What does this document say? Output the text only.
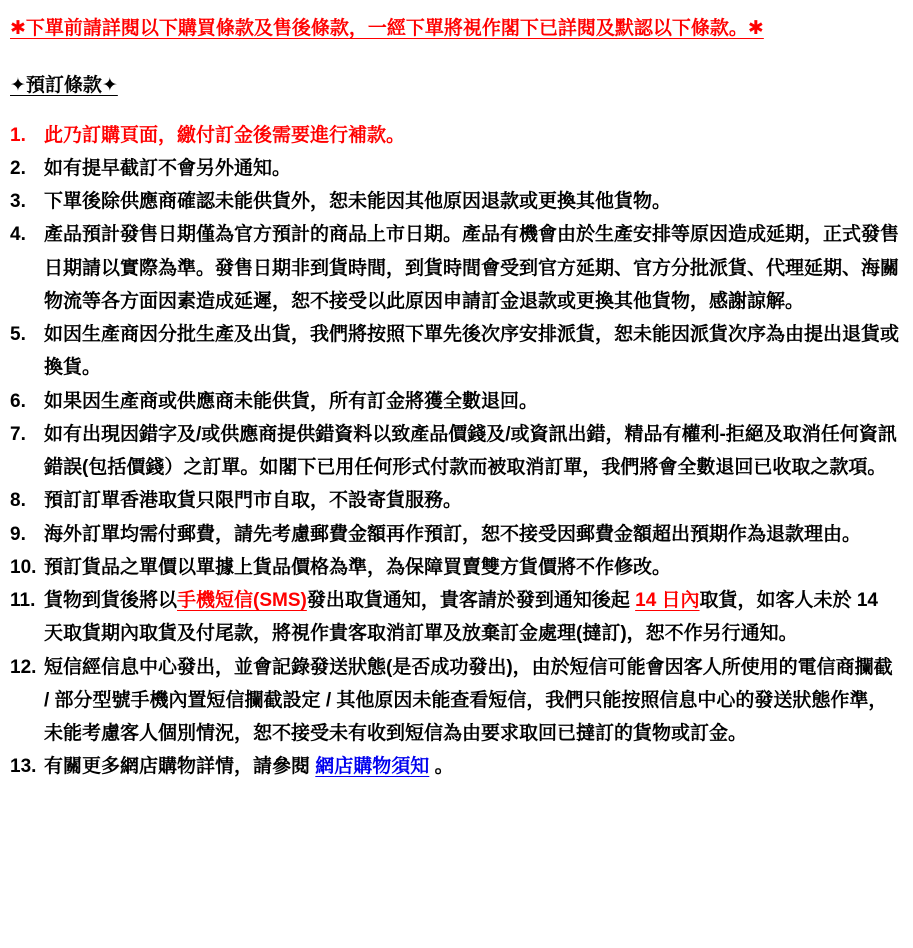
✱下單前請詳閱以下購買條款及售後條款，一經下單將視作閣下已詳閱及默認以下條款。✱
✦預訂條款✦
1. 此乃訂購頁面，繳付訂金後需要進行補款。
2. 如有提早截訂不會另外通知。
3. 下單後除供應商確認未能供貨外，恕未能因其他原因退款或更換其他貨物。
4. 產品預計發售日期僅為官方預計的商品上市日期。產品有機會由於生產安排等原因造成延期，正式發售日期請以實際為準。發售日期非到貨時間，到貨時間會受到官方延期、官方分批派貨、代理延期、海關物流等各方面因素造成延遲，恕不接受以此原因申請訂金退款或更換其他貨物，感謝諒解。
5. 如因生產商因分批生產及出貨，我們將按照下單先後次序安排派貨，恕未能因派貨次序為由提出退貨或換貨。
6. 如果因生產商或供應商未能供貨，所有訂金將獲全數退回。
7. 如有出現因錯字及/或供應商提供錯資料以致產品價錢及/或資訊出錯，精品有權利-拒絕及取消任何資訊錯誤(包括價錢）之訂單。如閣下已用任何形式付款而被取消訂單，我們將會全數退回已收取之款項。
8. 預訂訂單香港取貨只限門市自取，不設寄貨服務。
9. 海外訂單均需付郵費，請先考慮郵費金額再作預訂，恕不接受因郵費金額超出預期作為退款理由。
10. 預訂貨品之單價以單據上貨品價格為準，為保障買賣雙方貨價將不作修改。
11. 貨物到貨後將以手機短信(SMS)發出取貨通知，貴客請於發到通知後起 14 日內取貨，如客人未於 14 天取貨期內取貨及付尾款，將視作貴客取消訂單及放棄訂金處理(撻訂)，恕不作另行通知。
12. 短信經信息中心發出，並會記錄發送狀態(是否成功發出)，由於短信可能會因客人所使用的電信商攔截 / 部分型號手機內置短信攔截設定 / 其他原因未能查看短信，我們只能按照信息中心的發送狀態作準，未能考慮客人個別情況，恕不接受未有收到短信為由要求取回已撻訂的貨物或訂金。
13. 有關更多網店購物詳情，請參閱 網店購物須知 。
